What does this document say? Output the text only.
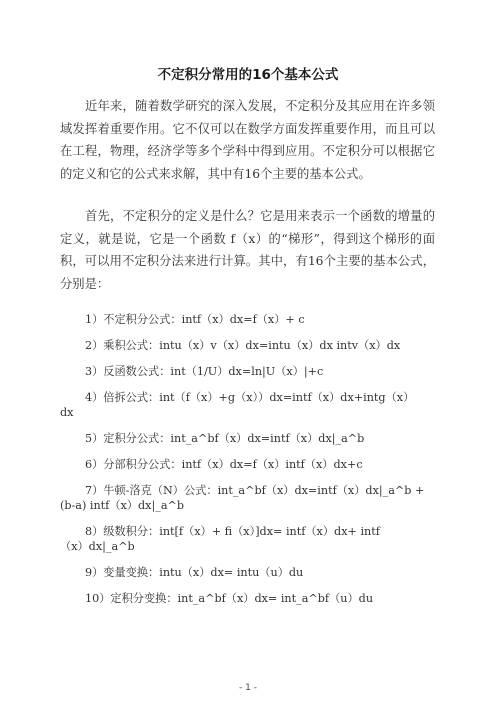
不定积分常用的16个基本公式

近年来，随着数学研究的深入发展，不定积分及其应用在许多领域发挥着重要作用。它不仅可以在数学方面发挥重要作用，而且可以在工程，物理，经济学等多个学科中得到应用。不定积分可以根据它的定义和它的公式来求解，其中有16个主要的基本公式。

首先，不定积分的定义是什么？它是用来表示一个函数的增量的定义，就是说，它是一个函数 f（x）的“梯形”，得到这个梯形的面积，可以用不定积分法来进行计算。其中，有16个主要的基本公式，分别是：

1）不定积分公式：intf（x）dx=f（x）+ c
2）乘积公式：intu（x）v（x）dx=intu（x）dx intv（x）dx
3）反函数公式：int（1/U）dx=ln|U（x）|+c
4）倍拆公式：int（f（x）+g（x））dx=intf（x）dx+intg（x）
dx
5）定积分公式：int_a^bf（x）dx=intf（x）dx|_a^b
6）分部积分公式：intf（x）dx=f（x）intf（x）dx+c
7）牛顿-洛克（N）公式：int_a^bf（x）dx=intf（x）dx|_a^b +
(b-a) intf（x）dx|_a^b
8）级数积分：int[f（x）+ fi（x）]dx= intf（x）dx+ intf
（x）dx|_a^b
9）变量变换：intu（x）dx= intu（u）du
10）定积分变换：int_a^bf（x）dx= int_a^bf（u）du
- 1 -
